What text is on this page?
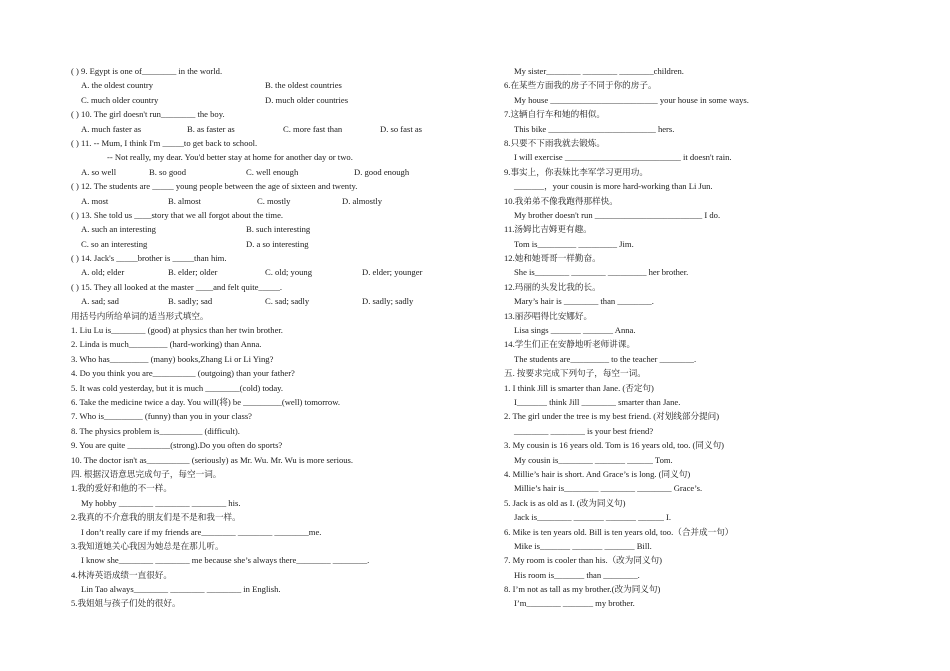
( ) 9. Egypt is one of________ in the world.
A. the oldest country	B. the oldest countries
C. much older country	D. much older countries
( ) 10. The girl doesn't run________ the boy.
A. much faster as	B. as faster as	C. more fast than	D. so fast as
( ) 11. -- Mum, I think I'm _____to get back to school.
-- Not really, my dear. You'd better stay at home for another day or two.
A. so well	B. so good	C. well enough	D. good enough
( ) 12. The students are _____ young people between the age of sixteen and twenty.
A. most	B. almost	C. mostly	D. almostly
( ) 13. She told us ____story that we all forgot about the time.
A. such an interesting	B. such interesting
C. so an interesting	D. a so interesting
( ) 14. Jack's _____brother is _____than him.
A. old; elder	B. elder; older	C. old; young	D. elder; younger
( ) 15. They all looked at the master ____and felt quite_____.
A. sad; sad	B. sadly; sad	C. sad; sadly	D. sadly; sadly
用括号内所给单词的适当形式填空。
1. Liu Lu is________ (good) at physics than her twin brother.
2. Linda is much_________ (hard-working) than Anna.
3. Who has_________ (many) books,Zhang Li or Li Ying?
4. Do you think you are__________ (outgoing) than your father?
5. It was cold yesterday, but it is much ________(cold) today.
6. Take the medicine twice a day. You will(将) be _________(well) tomorrow.
7. Who is_________ (funny) than you in your class?
8. The physics problem is__________ (difficult).
9. You are quite __________(strong).Do you often do sports?
10. The doctor isn't as__________ (seriously) as Mr. Wu. Mr. Wu is more serious.
四. 根据汉语意思完成句子，每空一词。
1.我的爱好和他的不一样。
My hobby ________ ________ ________ his.
2.我真的不介意我的朋友们是不是和我一样。
I don’t really care if my friends are________ ________ ________me.
3.我知道她关心我因为她总是在那儿听。
I know she________ ________ me because she’s always there________ ________.
4.林涛英语成绩一直很好。
Lin Tao always________ ________ ________ in English.
5.我姐姐与孩子们处的很好。
My sister________ ________ ________children.
6.在某些方面我的房子不同于你的房子。
My house _________________________ your house in some ways.
7.这辆自行车和她的相似。
This bike _________________________ hers.
8.只要不下雨我就去锻炼。
I will exercise ___________________________ it doesn't rain.
9.事实上，你表妹比李军学习更用功。
_______，your cousin is more hard-working than Li Jun.
10.我弟弟不像我跑得那样快。
My brother doesn't run _________________________ I do.
11.汤姆比吉姆更有趣。
Tom is_________ _________ Jim.
12.她和她哥哥一样勤奋。
She is________ ________ _________ her brother.
12.玛丽的头发比我的长。
Mary’s hair is ________ than ________.
13.丽莎唱得比安娜好。
Lisa sings _______ _______ Anna.
14.学生们正在安静地听老师讲课。
The students are_________ to the teacher ________.
五. 按要求完成下列句子，每空一词。
1. I think Jill is smarter than Jane. (否定句)
I_______ think Jill ________ smarter than Jane.
2. The girl under the tree is my best friend. (对划线部分提问)
________ ________ is your best friend?
3. My cousin is 16 years old. Tom is 16 years old, too. (同义句)
My cousin is________ _______ ______ Tom.
4. Millie’s hair is short. And Grace’s is long. (同义句)
Millie’s hair is________ ________ ________ Grace’s.
5. Jack is as old as I. (改为同义句)
Jack is________ _______ _______ ______ I.
6. Mike is ten years old. Bill is ten years old, too.（合并成一句）
Mike is_______ _______ _______ Bill.
7. My room is cooler than his.（改为同义句)
His room is_______ than ________.
8. I’m not as tall as my brother.(改为同义句)
I’m________ _______ my brother.
